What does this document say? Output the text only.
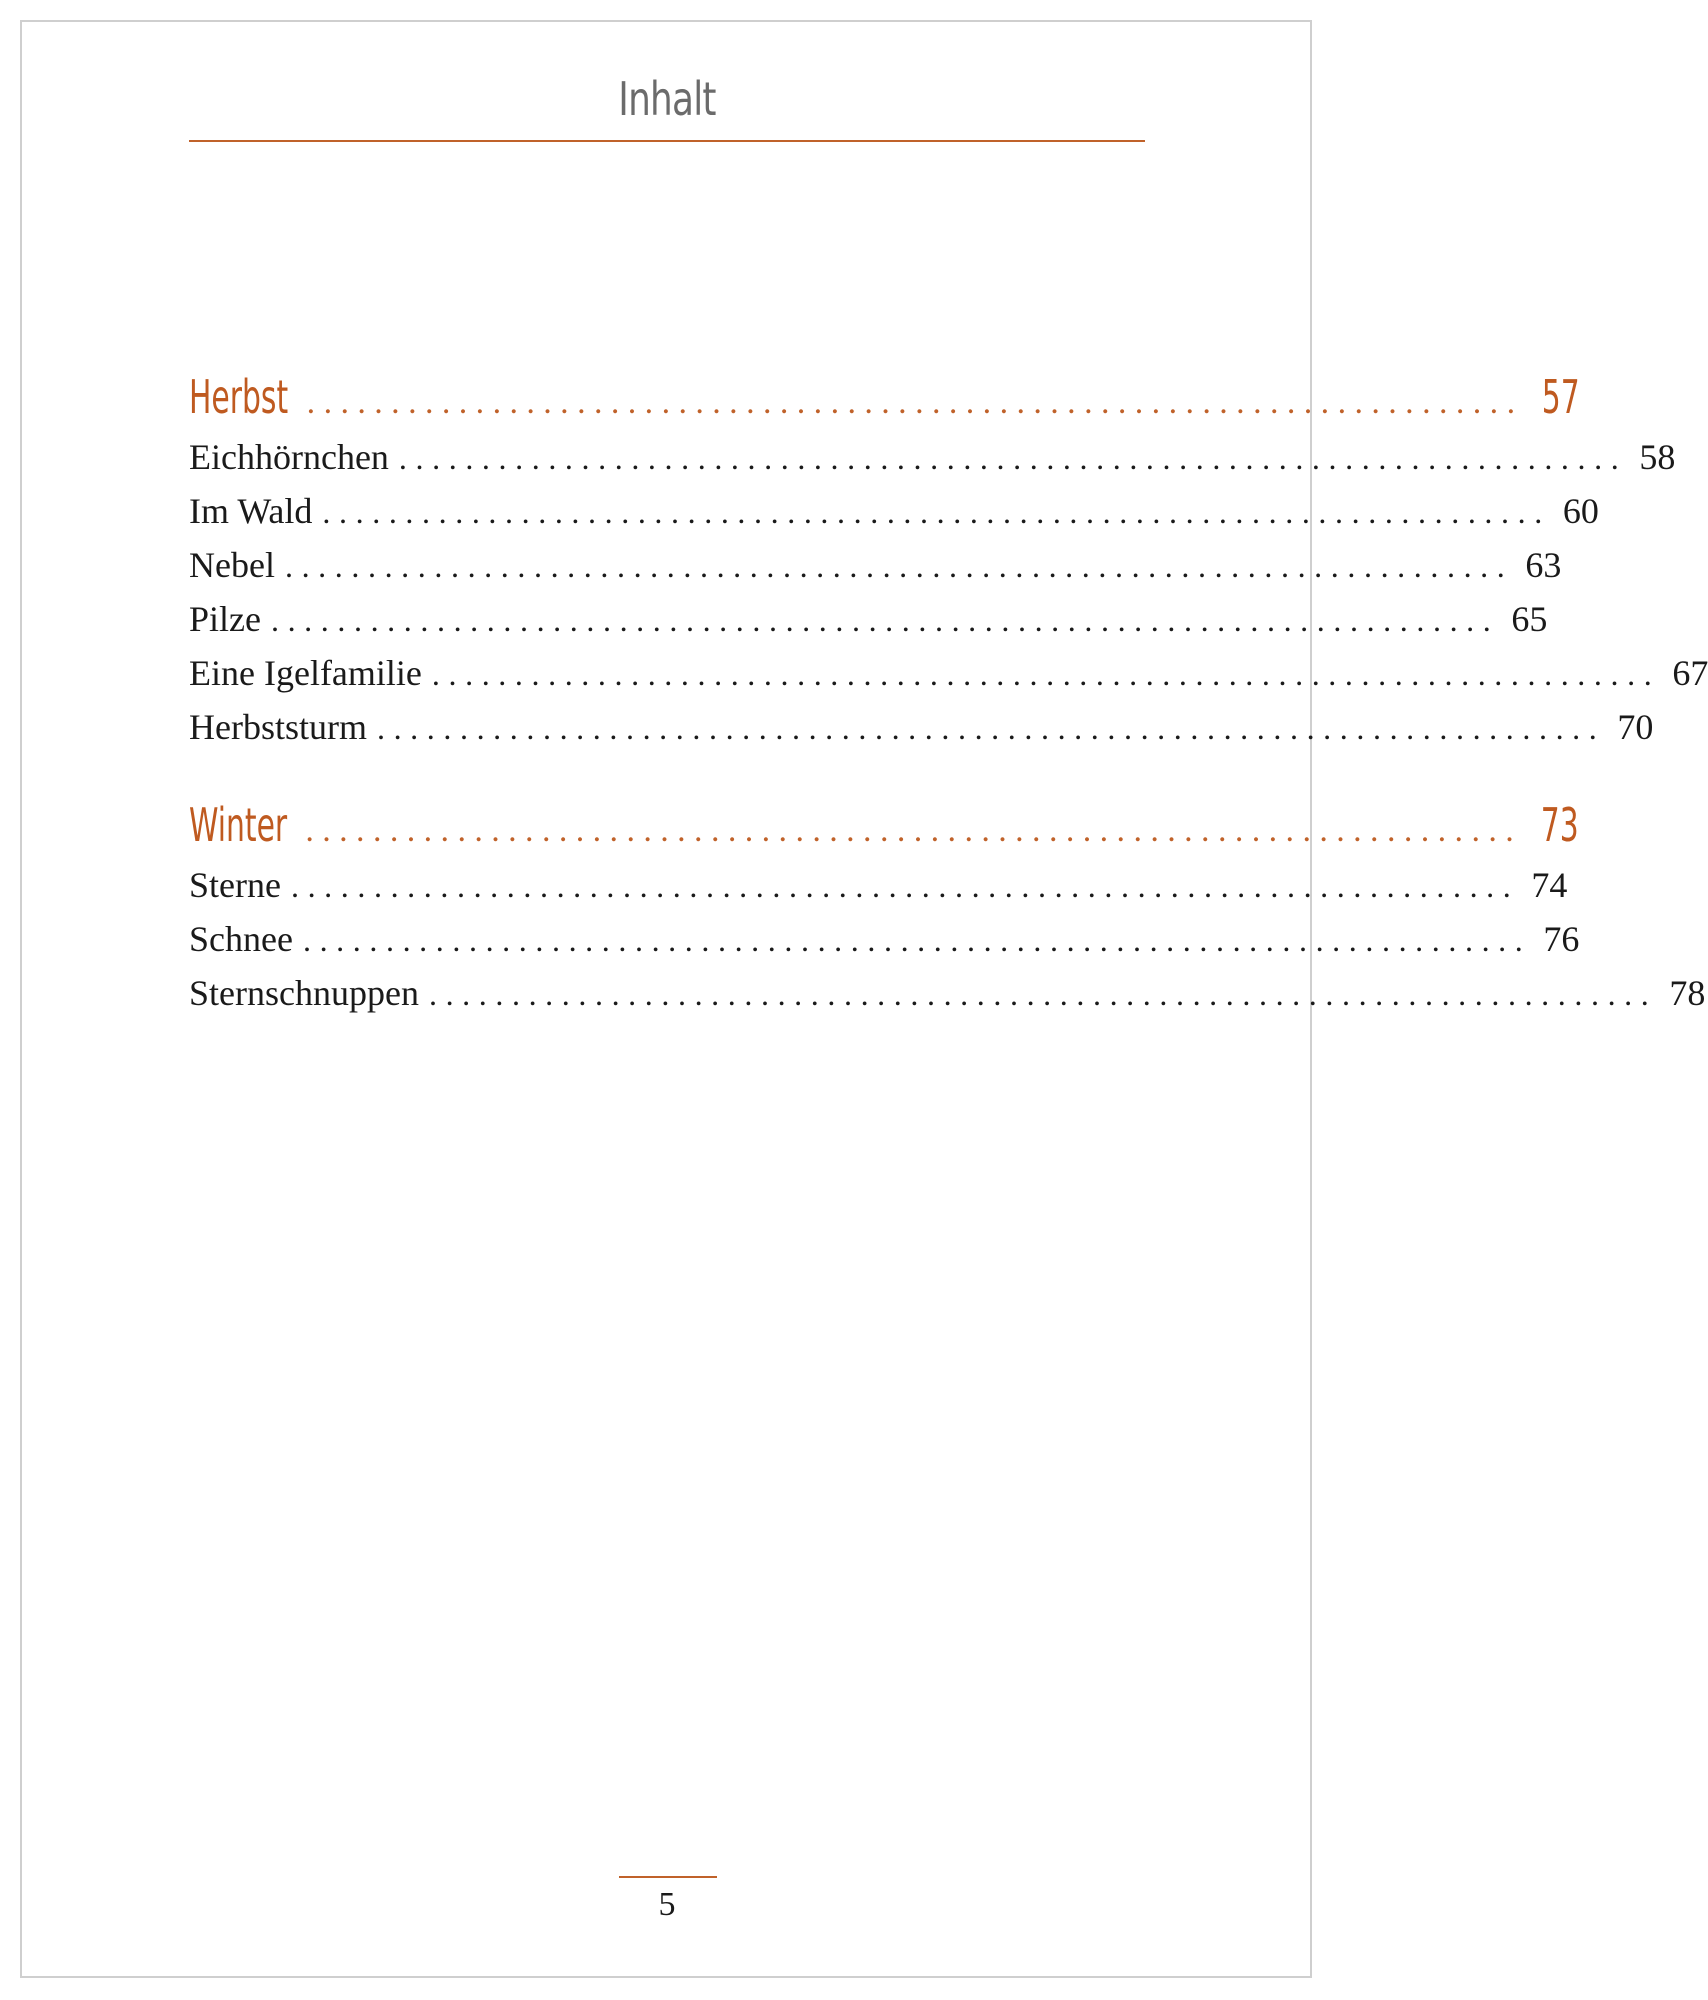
Inhalt
Herbst ........................................................................ 57
Eichhörnchen .......................................................................... 58
Im Wald .......................................................................... 60
Nebel .......................................................................... 63
Pilze .......................................................................... 65
Eine Igelfamilie .......................................................................... 67
Herbststurm .......................................................................... 70
Winter ........................................................................ 73
Sterne .......................................................................... 74
Schnee .......................................................................... 76
Sternschnuppen .......................................................................... 78
5
